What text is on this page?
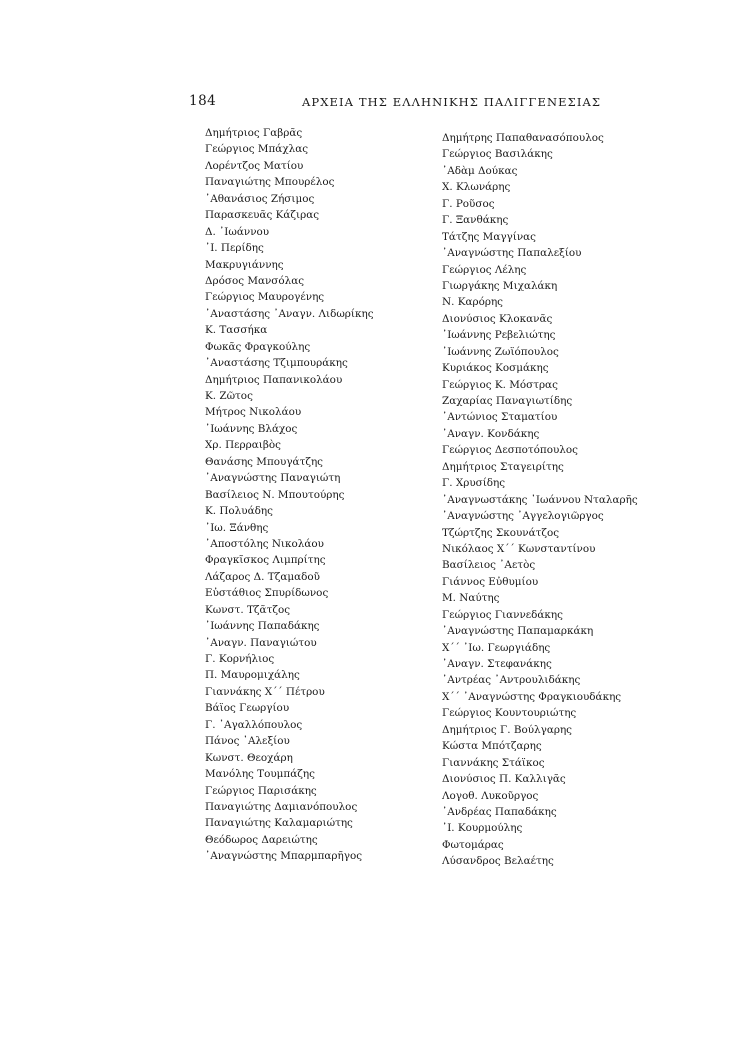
184	ΑΡΧΕΙΑ ΤΗΣ ΕΛΛΗΝΙΚΗΣ ΠΑΛΙΓΓΕΝΕΣΙΑΣ
Δημήτριος Γαβρᾶς
Γεώργιος Μπάχλας
Λορέντζος Ματίου
Παναγιώτης Μπουρέλος
᾿Αθανάσιος Ζήσιμος
Παρασκευᾶς Κάζιρας
Δ. ᾿Ιωάννου
᾿Ι. Περίδης
Μακρυγιάννης
Δρόσος Μανσόλας
Γεώργιος Μαυρογένης
᾿Αναστάσης ᾿Αναγν. Λιδωρίκης
Κ. Τασσήκα
Φωκᾶς Φραγκούλης
᾿Αναστάσης Τζιμπουράκης
Δημήτριος Παπανικολάου
Κ. Ζῶτος
Μήτρος Νικολάου
᾿Ιωάννης Βλάχος
Χρ. Περραιβὸς
Θανάσης Μπουγάτζης
᾿Αναγνώστης Παναγιώτη
Βασίλειος Ν. Μπουτούρης
Κ. Πολυάδης
᾿Ιω. Ξάνθης
᾿Αποστόλης Νικολάου
Φραγκῖσκος Λιμπρίτης
Λάζαρος Δ. Τζαμαδοῦ
Εὐστάθιος Σπυρίδωνος
Κωνστ. Τζᾶτζος
᾿Ιωάννης Παπαδάκης
᾿Αναγν. Παναγιώτου
Γ. Κορνήλιος
Π. Μαυρομιχάλης
Γιαννάκης Χ΄΄ Πέτρου
Βάϊος Γεωργίου
Γ. ᾿Αγαλλόπουλος
Πάνος ᾿Αλεξίου
Κωνστ. Θεοχάρη
Μανόλης Τουμπάζης
Γεώργιος Παρισάκης
Παναγιώτης Δαμιανόπουλος
Παναγιώτης Καλαμαριώτης
Θεόδωρος Δαρειώτης
᾿Αναγνώστης Μπαρμπαρῆγος
Δημήτρης Παπαθανασόπουλος
Γεώργιος Βασιλάκης
᾿Αδὰμ Δούκας
Χ. Κλωνάρης
Γ. Ροῦσος
Γ. Ξανθάκης
Τάτζης Μαγγίνας
᾿Αναγνώστης Παπαλεξίου
Γεώργιος Λέλης
Γιωργάκης Μιχαλάκη
Ν. Καρόρης
Διονύσιος Κλοκανᾶς
᾿Ιωάννης Ρεβελιώτης
᾿Ιωάννης Ζωϊόπουλος
Κυριάκος Κοσμάκης
Γεώργιος Κ. Μόστρας
Ζαχαρίας Παναγιωτίδης
᾿Αντώνιος Σταματίου
᾿Αναγν. Κονδάκης
Γεώργιος Δεσποτόπουλος
Δημήτριος Σταγειρίτης
Γ. Χρυσίδης
᾿Αναγνωστάκης ᾿Ιωάννου Νταλαρῆς
᾿Αναγνώστης ᾿Αγγελογιῶργος
Τζώρτζης Σκουνάτζος
Νικόλαος Χ΄΄ Κωνσταντίνου
Βασίλειος ᾿Αετὸς
Γιάννος Εὐθυμίου
Μ. Ναύτης
Γεώργιος Γιαννεδάκης
᾿Αναγνώστης Παπαμαρκάκη
Χ΄΄ ᾿Ιω. Γεωργιάδης
᾿Αναγν. Στεφανάκης
᾿Αντρέας ᾿Αντρουλιδάκης
Χ΄΄ ᾿Αναγνώστης Φραγκιουδάκης
Γεώργιος Κουντουριώτης
Δημήτριος Γ. Βούλγαρης
Κώστα Μπότζαρης
Γιαννάκης Στάϊκος
Διονύσιος Π. Καλλιγᾶς
Λογοθ. Λυκοῦργος
᾿Ανδρέας Παπαδάκης
᾿Ι. Κουρμούλης
Φωτομάρας
Λύσανδρος Βελαέτης
